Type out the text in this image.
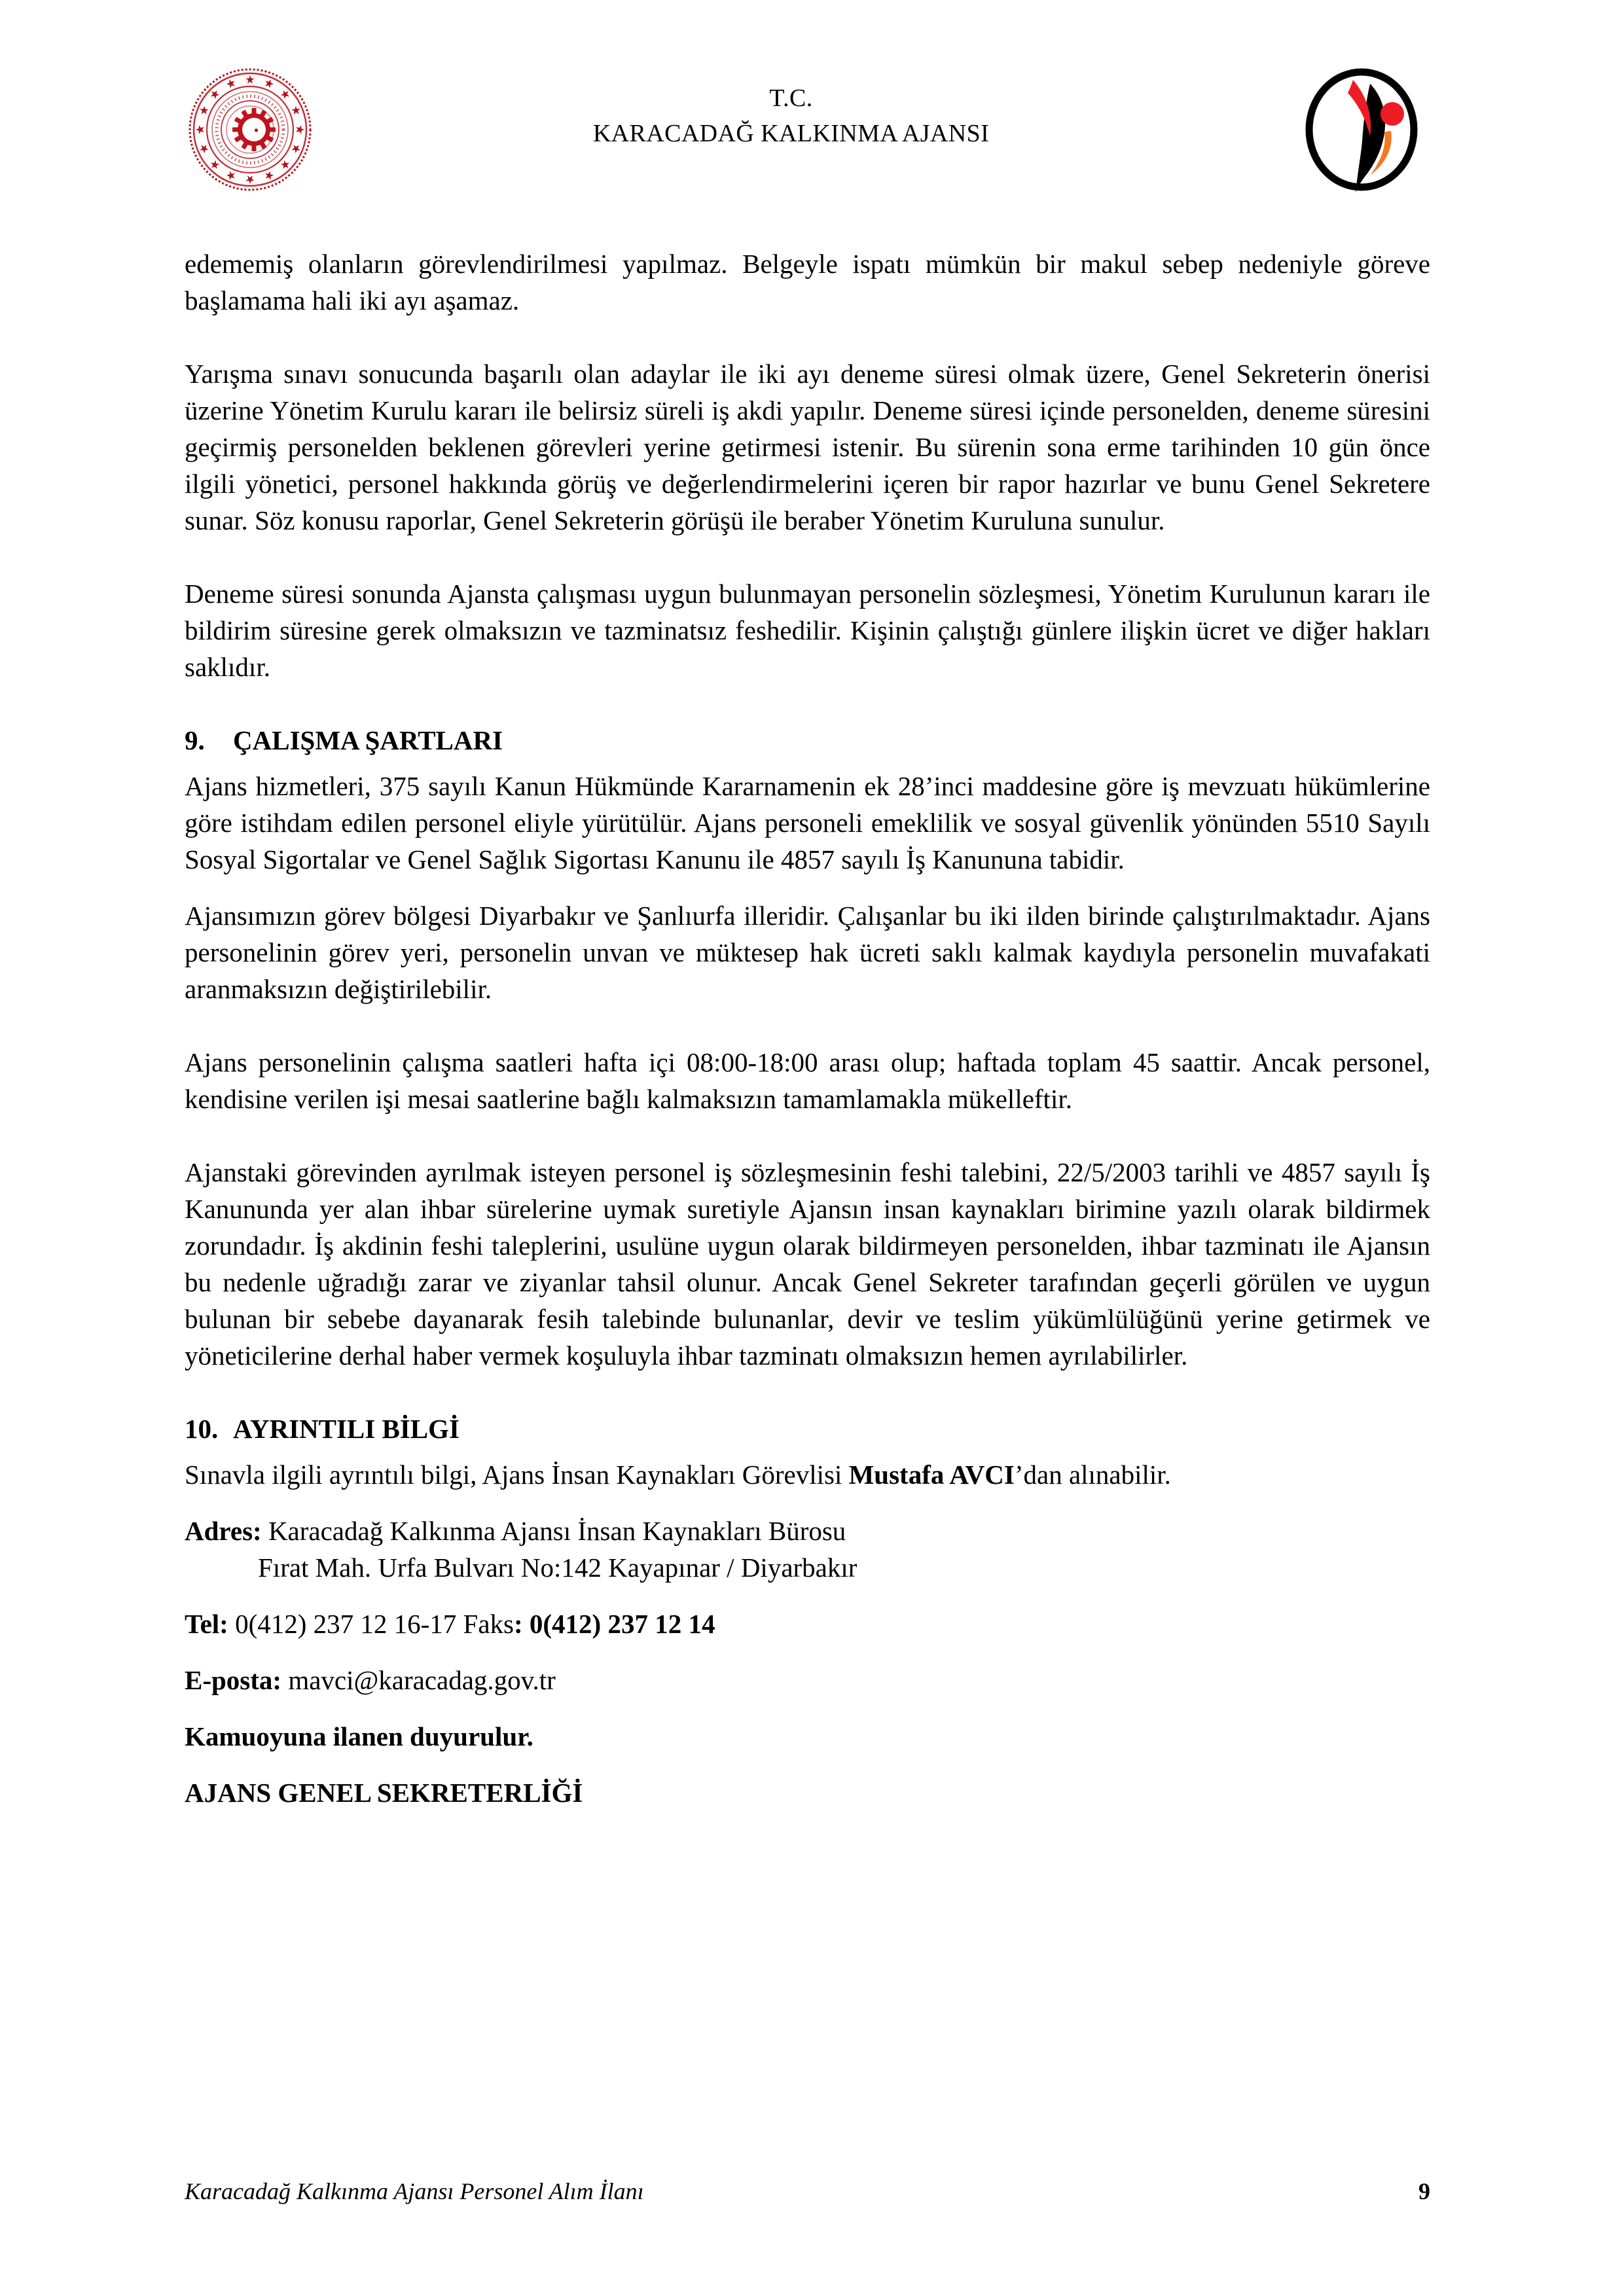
T.C.
KARACADAĞ KALKINMA AJANSI

edememiş olanların görevlendirilmesi yapılmaz. Belgeyle ispatı mümkün bir makul sebep nedeniyle göreve başlamama hali iki ayı aşamaz.

Yarışma sınavı sonucunda başarılı olan adaylar ile iki ayı deneme süresi olmak üzere, Genel Sekreterin önerisi üzerine Yönetim Kurulu kararı ile belirsiz süreli iş akdi yapılır. Deneme süresi içinde personelden, deneme süresini geçirmiş personelden beklenen görevleri yerine getirmesi istenir. Bu sürenin sona erme tarihinden 10 gün önce ilgili yönetici, personel hakkında görüş ve değerlendirmelerini içeren bir rapor hazırlar ve bunu Genel Sekretere sunar. Söz konusu raporlar, Genel Sekreterin görüşü ile beraber Yönetim Kuruluna sunulur.

Deneme süresi sonunda Ajansta çalışması uygun bulunmayan personelin sözleşmesi, Yönetim Kurulunun kararı ile bildirim süresine gerek olmaksızın ve tazminatsız feshedilir. Kişinin çalıştığı günlere ilişkin ücret ve diğer hakları saklıdır.

9.	ÇALIŞMA ŞARTLARI

Ajans hizmetleri, 375 sayılı Kanun Hükmünde Kararnamenin ek 28’inci maddesine göre iş mevzuatı hükümlerine göre istihdam edilen personel eliyle yürütülür. Ajans personeli emeklilik ve sosyal güvenlik yönünden 5510 Sayılı Sosyal Sigortalar ve Genel Sağlık Sigortası Kanunu ile 4857 sayılı İş Kanununa tabidir.

Ajansımızın görev bölgesi Diyarbakır ve Şanlıurfa illeridir. Çalışanlar bu iki ilden birinde çalıştırılmaktadır. Ajans personelinin görev yeri, personelin unvan ve müktesep hak ücreti saklı kalmak kaydıyla personelin muvafakati aranmaksızın değiştirilebilir.

Ajans personelinin çalışma saatleri hafta içi 08:00-18:00 arası olup; haftada toplam 45 saattir. Ancak personel, kendisine verilen işi mesai saatlerine bağlı kalmaksızın tamamlamakla mükelleftir.

Ajanstaki görevinden ayrılmak isteyen personel iş sözleşmesinin feshi talebini, 22/5/2003 tarihli ve 4857 sayılı İş Kanununda yer alan ihbar sürelerine uymak suretiyle Ajansın insan kaynakları birimine yazılı olarak bildirmek zorundadır. İş akdinin feshi taleplerini, usulüne uygun olarak bildirmeyen personelden, ihbar tazminatı ile Ajansın bu nedenle uğradığı zarar ve ziyanlar tahsil olunur. Ancak Genel Sekreter tarafından geçerli görülen ve uygun bulunan bir sebebe dayanarak fesih talebinde bulunanlar, devir ve teslim yükümlülüğünü yerine getirmek ve yöneticilerine derhal haber vermek koşuluyla ihbar tazminatı olmaksızın hemen ayrılabilirler.

10. AYRINTILI BİLGİ

Sınavla ilgili ayrıntılı bilgi, Ajans İnsan Kaynakları Görevlisi Mustafa AVCI’dan alınabilir.

Adres: Karacadağ Kalkınma Ajansı İnsan Kaynakları Bürosu

Fırat Mah. Urfa Bulvarı No:142 Kayapınar / Diyarbakır

Tel: 0(412) 237 12 16-17 Faks: 0(412) 237 12 14

E-posta: mavci@karacadag.gov.tr

Kamuoyuna ilanen duyurulur.

AJANS GENEL SEKRETERLİĞİ

Karacadağ Kalkınma Ajansı Personel Alım İlanı	9
